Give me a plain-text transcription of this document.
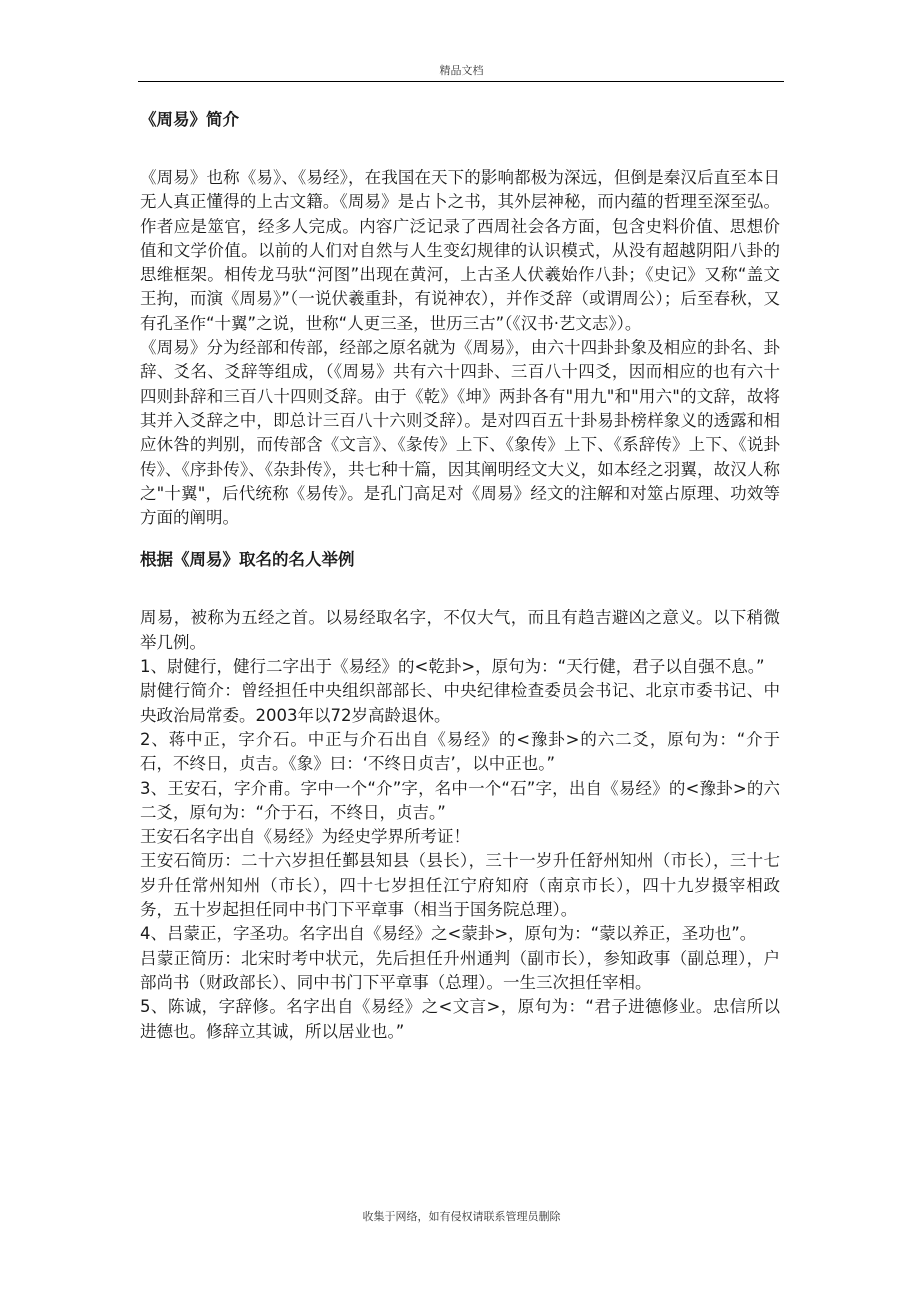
精品文档
《周易》简介

《周易》也称《易》、《易经》，在我国在天下的影响都极为深远，但倒是秦汉后直至本日无人真正懂得的上古文籍。《周易》是占卜之书，其外层神秘，而内蕴的哲理至深至弘。作者应是筮官，经多人完成。内容广泛记录了西周社会各方面，包含史料价值、思想价值和文学价值。以前的人们对自然与人生变幻规律的认识模式，从没有超越阴阳八卦的思维框架。相传龙马驮“河图”出现在黄河，上古圣人伏羲始作八卦；《史记》又称“盖文王拘，而演《周易》”（一说伏羲重卦，有说神农），并作爻辞（或谓周公）；后至春秋，又有孔圣作“十翼”之说，世称“人更三圣，世历三古”（《汉书·艺文志》）。

《周易》分为经部和传部，经部之原名就为《周易》，由六十四卦卦象及相应的卦名、卦辞、爻名、爻辞等组成，（《周易》共有六十四卦、三百八十四爻，因而相应的也有六十四则卦辞和三百八十四则爻辞。由于《乾》《坤》两卦各有"用九"和"用六"的文辞，故将其并入爻辞之中，即总计三百八十六则爻辞）。是对四百五十卦易卦榜样象义的透露和相应休咎的判别，而传部含《文言》、《彖传》上下、《象传》上下、《系辞传》上下、《说卦传》、《序卦传》、《杂卦传》，共七种十篇，因其阐明经文大义，如本经之羽翼，故汉人称之"十翼"，后代统称《易传》。是孔门高足对《周易》经文的注解和对筮占原理、功效等方面的阐明。

根据《周易》取名的名人举例

周易，被称为五经之首。以易经取名字，不仅大气，而且有趋吉避凶之意义。以下稍微举几例。

1、尉健行，健行二字出于《易经》的<乾卦>，原句为：“天行健，君子以自强不息。”

尉健行简介：曾经担任中央组织部部长、中央纪律检查委员会书记、北京市委书记、中央政治局常委。2003年以72岁高龄退休。

2、蒋中正，字介石。中正与介石出自《易经》的<豫卦>的六二爻，原句为：“介于石，不终日，贞吉。《象》曰：‘不终日贞吉’，以中正也。”

3、王安石，字介甫。字中一个“介”字，名中一个“石”字，出自《易经》的<豫卦>的六二爻，原句为：“介于石，不终日，贞吉。”

王安石名字出自《易经》为经史学界所考证！

王安石简历：二十六岁担任鄞县知县（县长），三十一岁升任舒州知州（市长），三十七岁升任常州知州（市长），四十七岁担任江宁府知府（南京市长），四十九岁摄宰相政务，五十岁起担任同中书门下平章事（相当于国务院总理）。

4、吕蒙正，字圣功。名字出自《易经》之<蒙卦>，原句为：“蒙以养正，圣功也”。

吕蒙正简历：北宋时考中状元，先后担任升州通判（副市长），参知政事（副总理），户部尚书（财政部长）、同中书门下平章事（总理）。一生三次担任宰相。

5、陈诚，字辞修。名字出自《易经》之<文言>，原句为：“君子进德修业。忠信所以进德也。修辞立其诚，所以居业也。”

收集于网络，如有侵权请联系管理员删除
